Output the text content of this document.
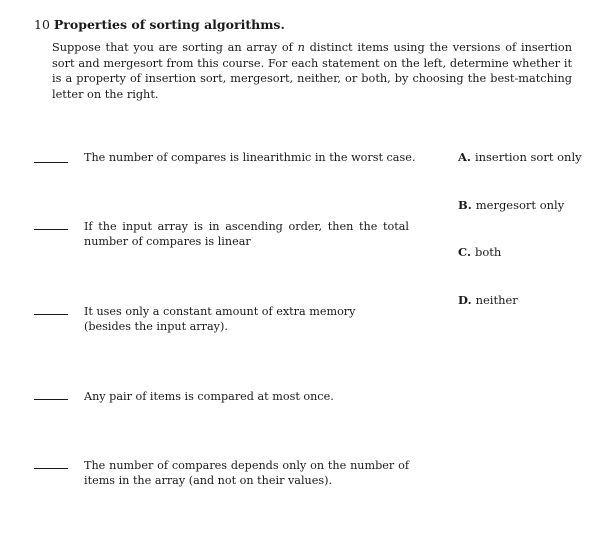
10 Properties of sorting algorithms.
Suppose that you are sorting an array of n distinct items using the versions of insertion sort and mergesort from this course. For each statement on the left, determine whether it is a property of insertion sort, mergesort, neither, or both, by choosing the best-matching letter on the right.
The number of compares is linearithmic in the worst case.
If the input array is in ascending order, then the total number of compares is linear
It uses only a constant amount of extra memory (besides the input array).
Any pair of items is compared at most once.
The number of compares depends only on the number of items in the array (and not on their values).
A. insertion sort only
B. mergesort only
C. both
D. neither
